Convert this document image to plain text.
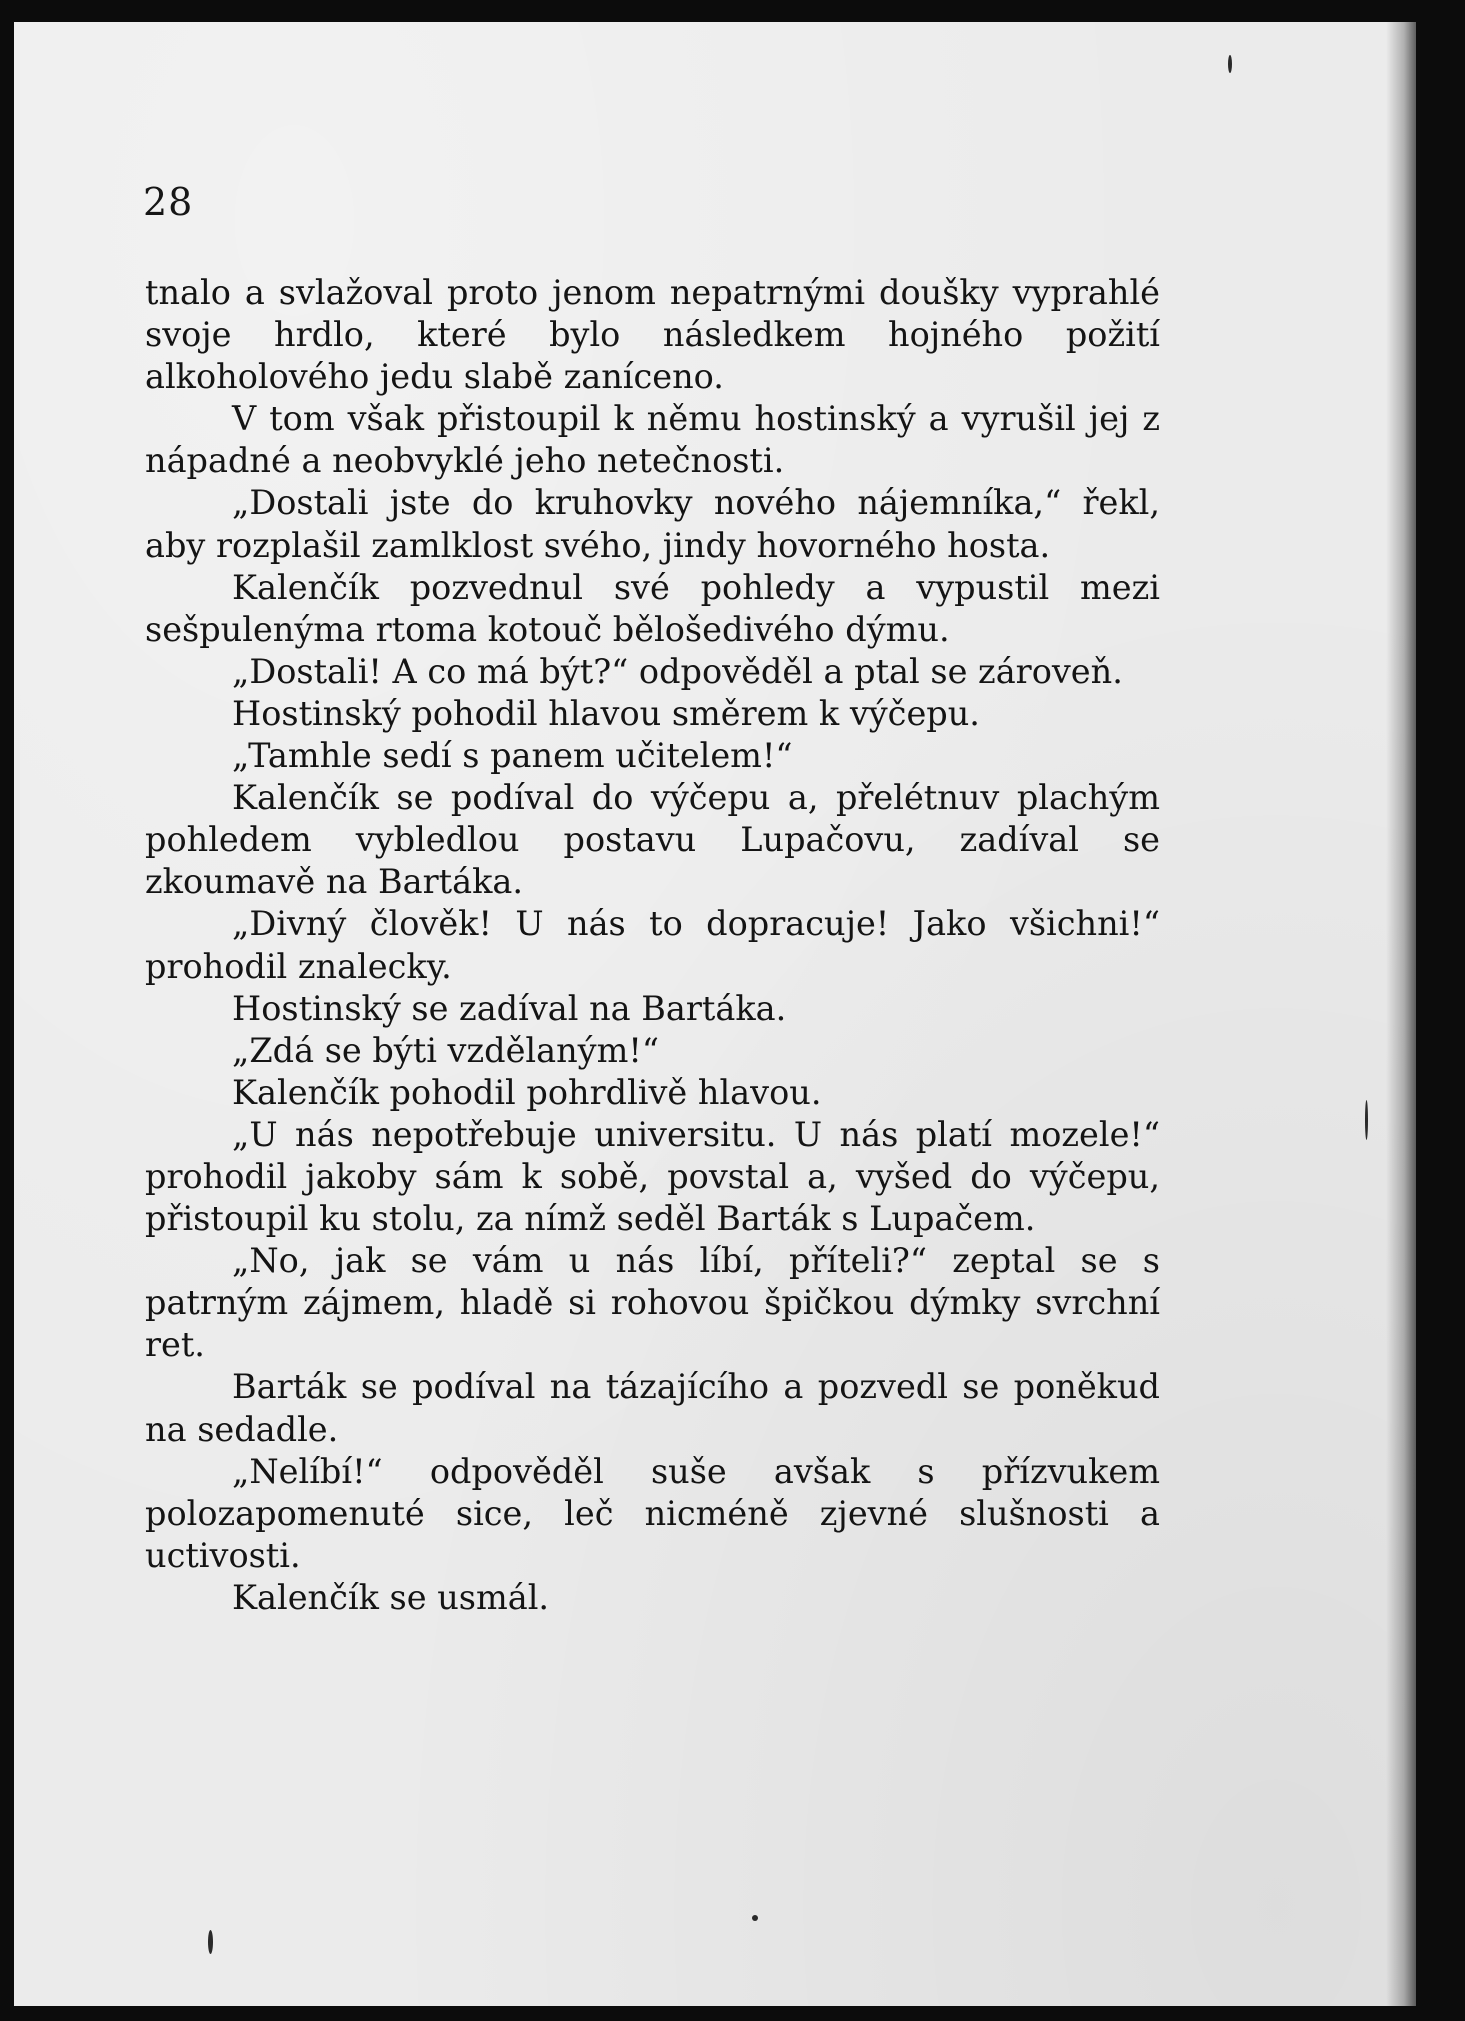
28

tnalo a svlažoval proto jenom nepatrnými doušky vyprahlé svoje hrdlo, které bylo následkem hojného požití alkoholového jedu slabě zaníceno.

V tom však přistoupil k němu hostinský a vyrušil jej z nápadné a neobvyklé jeho netečnosti.

„Dostali jste do kruhovky nového nájemníka,“ řekl, aby rozplašil zamlklost svého, jindy hovorného hosta.

Kalenčík pozvednul své pohledy a vypustil mezi sešpulenýma rtoma kotouč bělošedivého dýmu.

„Dostali! A co má být?“ odpověděl a ptal se zároveň.

Hostinský pohodil hlavou směrem k výčepu.

„Tamhle sedí s panem učitelem!“

Kalenčík se podíval do výčepu a, přelétnuv plachým pohledem vybledlou postavu Lupačovu, zadíval se zkoumavě na Bartáka.

„Divný člověk! U nás to dopracuje! Jako všichni!“ prohodil znalecky.

Hostinský se zadíval na Bartáka.

„Zdá se býti vzdělaným!“

Kalenčík pohodil pohrdlivě hlavou.

„U nás nepotřebuje universitu. U nás platí mozele!“ prohodil jakoby sám k sobě, povstal a, vyšed do výčepu, přistoupil ku stolu, za nímž seděl Barták s Lupačem.

„No, jak se vám u nás líbí, příteli?“ zeptal se s patrným zájmem, hladě si rohovou špičkou dýmky svrchní ret.

Barták se podíval na tázajícího a pozvedl se poněkud na sedadle.

„Nelíbí!“ odpověděl suše avšak s přízvukem polozapomenuté sice, leč nicméně zjevné slušnosti a uctivosti.

Kalenčík se usmál.
